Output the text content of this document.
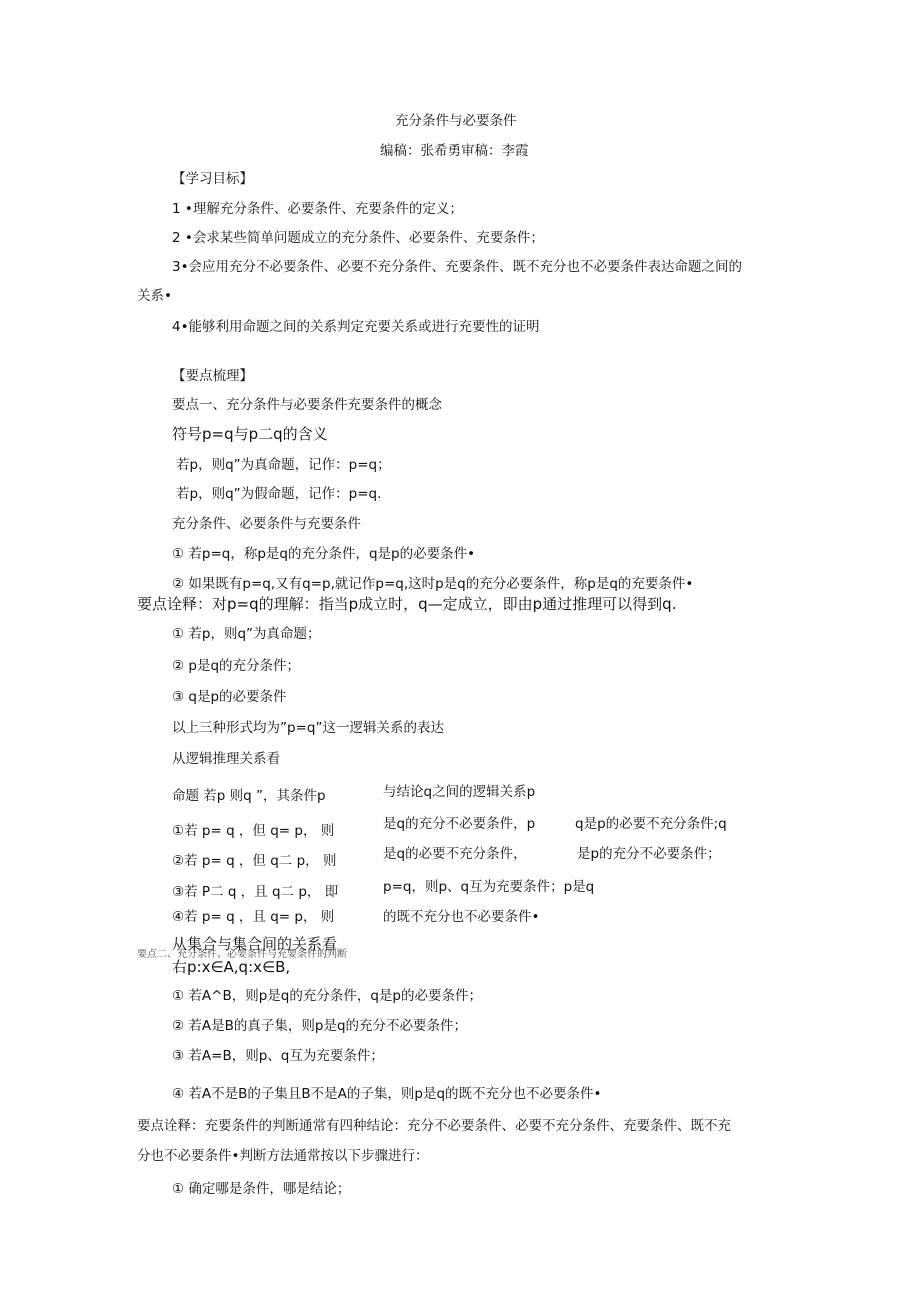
充分条件与必要条件
编稿：张希勇审稿：李霞
【学习目标】
1 •理解充分条件、必要条件、充要条件的定义；
2 •会求某些简单问题成立的充分条件、必要条件、充要条件；
3•会应用充分不必要条件、必要不充分条件、充要条件、既不充分也不必要条件表达命题之间的
关系•
4•能够利用命题之间的关系判定充要关系或进行充要性的证明
【要点梳理】
要点一、充分条件与必要条件充要条件的概念
符号p=q与p二q的含义
若p，则q”为真命题，记作：p=q；
若p，则q”为假命题，记作：p=q.
充分条件、必要条件与充要条件
① 若p=q，称p是q的充分条件，q是p的必要条件•
② 如果既有p=q,又有q=p,就记作p=q,这时p是q的充分必要条件，称p是q的充要条件•
要点诠释：对p=q的理解：指当p成立时，q—定成立，即由p通过推理可以得到q.
① 若p，则q”为真命题；
② p是q的充分条件；
③ q是p的必要条件
以上三种形式均为”p=q”这一逻辑关系的表达
从逻辑推理关系看
命题 若p 则q ”，其条件p	与结论q之间的逻辑关系p
①若 p= q ，但 q= p， 则	是q的充分不必要条件，p	q是p的必要不充分条件;q
②若 p= q ，但 q二 p， 则	是q的必要不充分条件，	是p的充分不必要条件；
③若 P二 q ，且 q二 p， 即	p=q，则p、q互为充要条件；p是q
④若 p= q ，且 q= p， 则	的既不充分也不必要条件•
从集合与集合间的关系看
要点二、充分条件、必要条件与充要条件的判断
右p:x∈A,q:x∈B,
① 若A^B，则p是q的充分条件，q是p的必要条件；
② 若A是B的真子集，则p是q的充分不必要条件；
③ 若A=B，则p、q互为充要条件；
④ 若A不是B的子集且B不是A的子集，则p是q的既不充分也不必要条件•
要点诠释：充要条件的判断通常有四种结论：充分不必要条件、必要不充分条件、充要条件、既不充
分也不必要条件•判断方法通常按以下步骤进行：
① 确定哪是条件，哪是结论；
